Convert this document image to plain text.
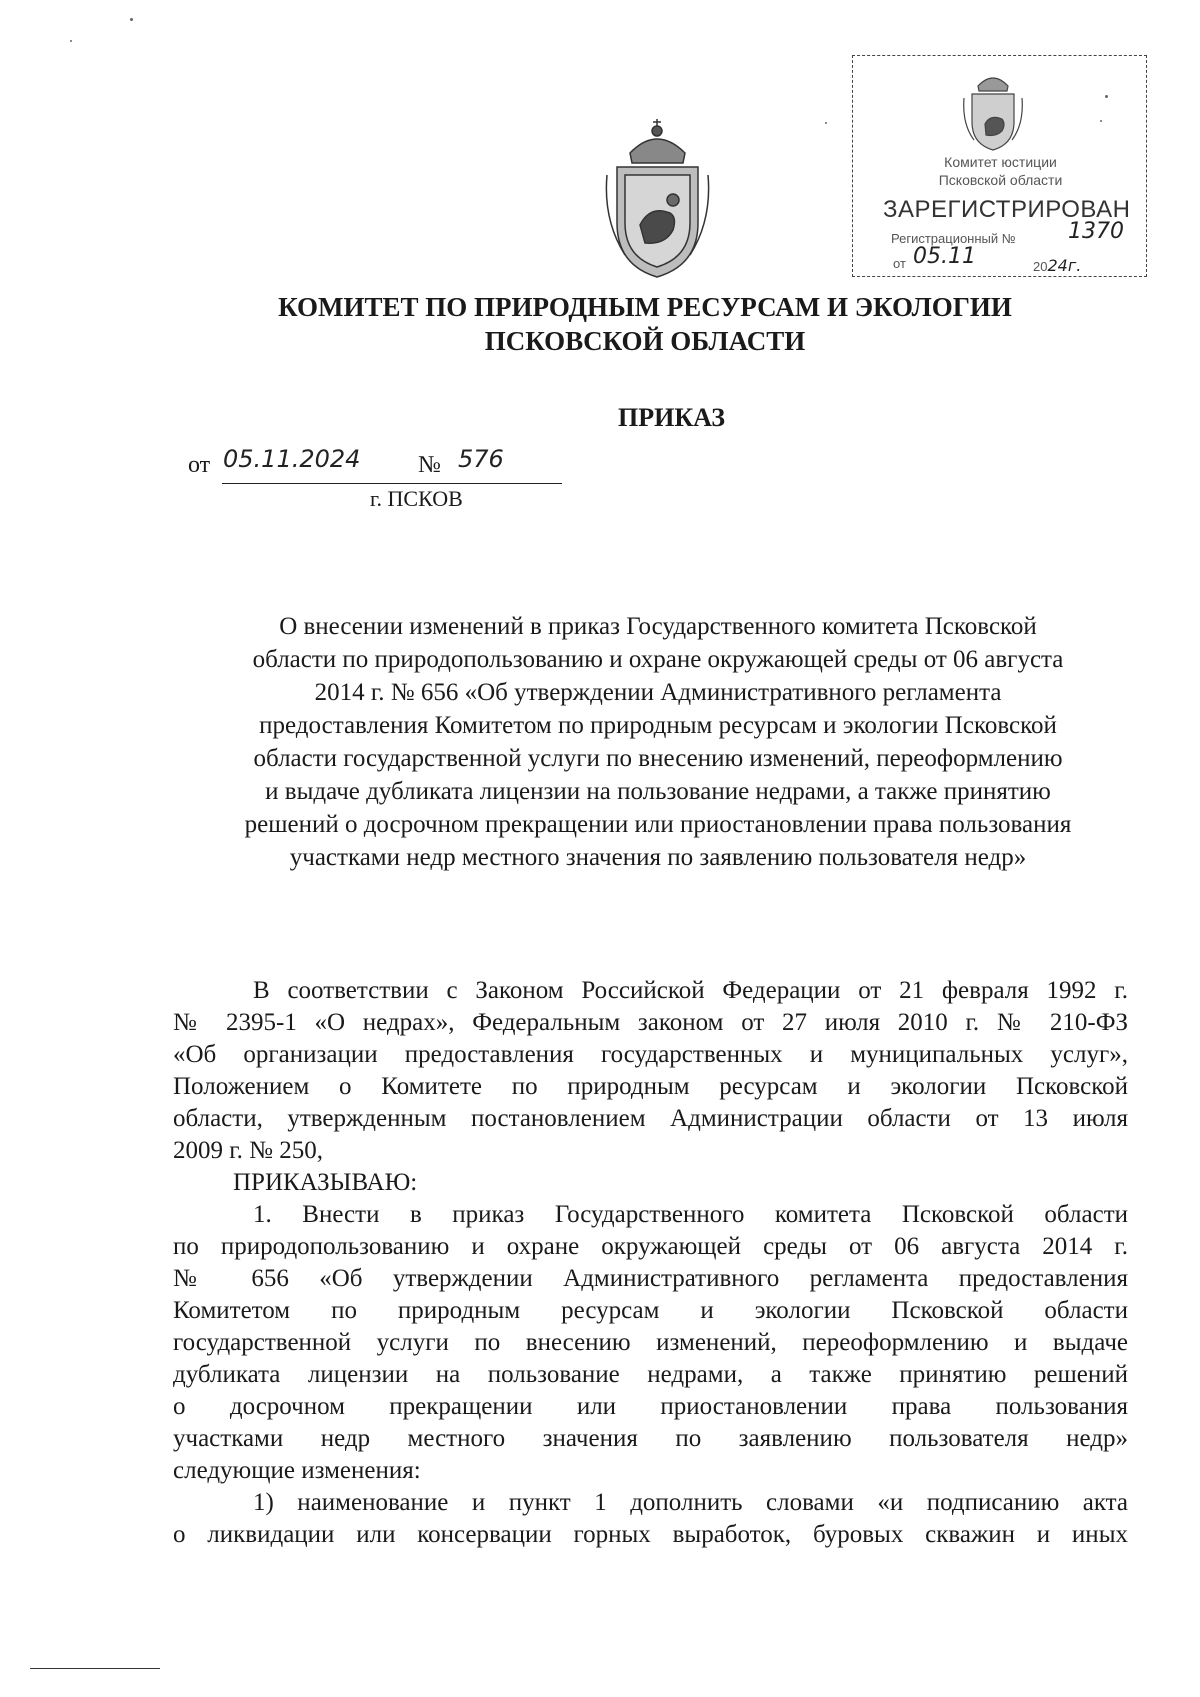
Комитет юстиции
Псковской области
ЗАРЕГИСТРИРОВАН
Регистрационный № 1370
от 05.11	2024г.
КОМИТЕТ ПО ПРИРОДНЫМ РЕСУРСАМ И ЭКОЛОГИИ
ПСКОВСКОЙ ОБЛАСТИ
ПРИКАЗ
от 05.11.2024 № 576
г. ПСКОВ
О внесении изменений в приказ Государственного комитета Псковской
области по природопользованию и охране окружающей среды от 06 августа
2014 г. № 656 «Об утверждении Административного регламента
предоставления Комитетом по природным ресурсам и экологии Псковской
области государственной услуги по внесению изменений, переоформлению
и выдаче дубликата лицензии на пользование недрами, а также принятию
решений о досрочном прекращении или приостановлении права пользования
участками недр местного значения по заявлению пользователя недр»
В соответствии с Законом Российской Федерации от 21 февраля 1992 г.
№ 2395-1 «О недрах», Федеральным законом от 27 июля 2010 г. № 210-ФЗ
«Об организации предоставления государственных и муниципальных услуг»,
Положением о Комитете по природным ресурсам и экологии Псковской
области, утвержденным постановлением Администрации области от 13 июля
2009 г. № 250,
ПРИКАЗЫВАЮ:
1. Внести в приказ Государственного комитета Псковской области
по природопользованию и охране окружающей среды от 06 августа 2014 г.
№ 656 «Об утверждении Административного регламента предоставления
Комитетом по природным ресурсам и экологии Псковской области
государственной услуги по внесению изменений, переоформлению и выдаче
дубликата лицензии на пользование недрами, а также принятию решений
о досрочном прекращении или приостановлении права пользования
участками недр местного значения по заявлению пользователя недр»
следующие изменения:
1) наименование и пункт 1 дополнить словами «и подписанию акта
о ликвидации или консервации горных выработок, буровых скважин и иных
